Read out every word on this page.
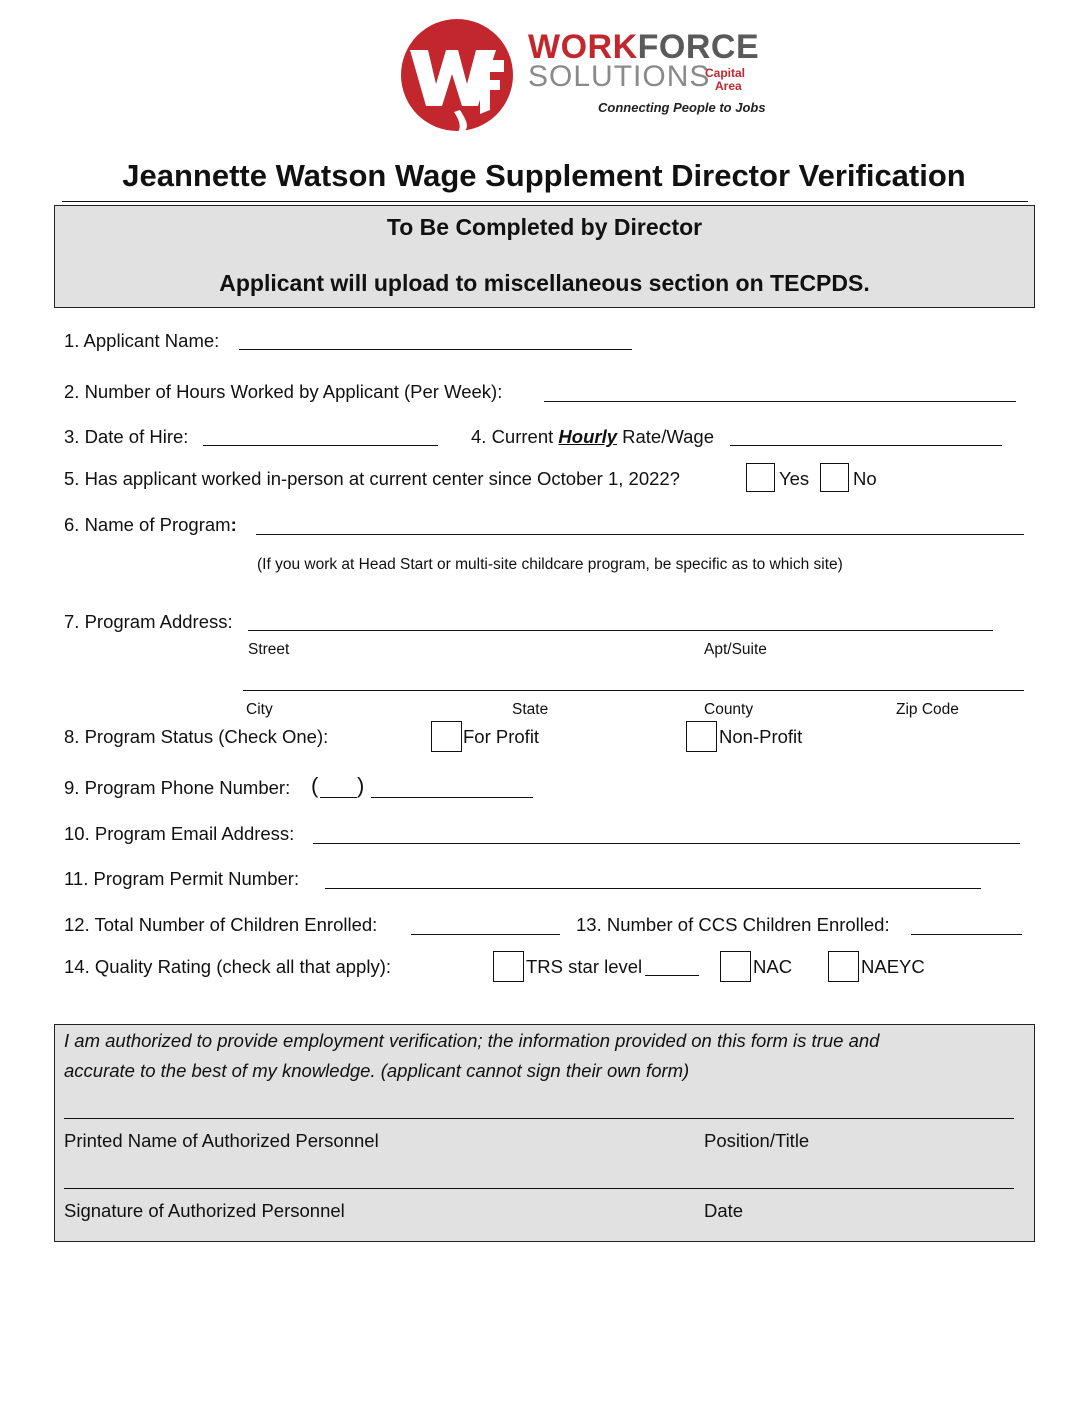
WORKFORCE
SOLUTIONS
Capital
Area
Connecting People to Jobs
Jeannette Watson Wage Supplement Director Verification
To Be Completed by Director
Applicant will upload to miscellaneous section on TECPDS.
1. Applicant Name:
2. Number of Hours Worked by Applicant (Per Week):
3. Date of Hire:	4. Current Hourly Rate/Wage
5. Has applicant worked in-person at current center since October 1, 2022?	Yes No
6. Name of Program:
(If you work at Head Start or multi-site childcare program, be specific as to which site)
7. Program Address:
Street	Apt/Suite
City	State	County	Zip Code
8. Program Status (Check One):	For Profit	Non-Profit
9. Program Phone Number: ( )
10. Program Email Address:
11. Program Permit Number:
12. Total Number of Children Enrolled:	13. Number of CCS Children Enrolled:
14. Quality Rating (check all that apply):	TRS star level	NAC	NAEYC
I am authorized to provide employment verification; the information provided on this form is true and
accurate to the best of my knowledge. (applicant cannot sign their own form)
Printed Name of Authorized Personnel	Position/Title
Signature of Authorized Personnel	Date
